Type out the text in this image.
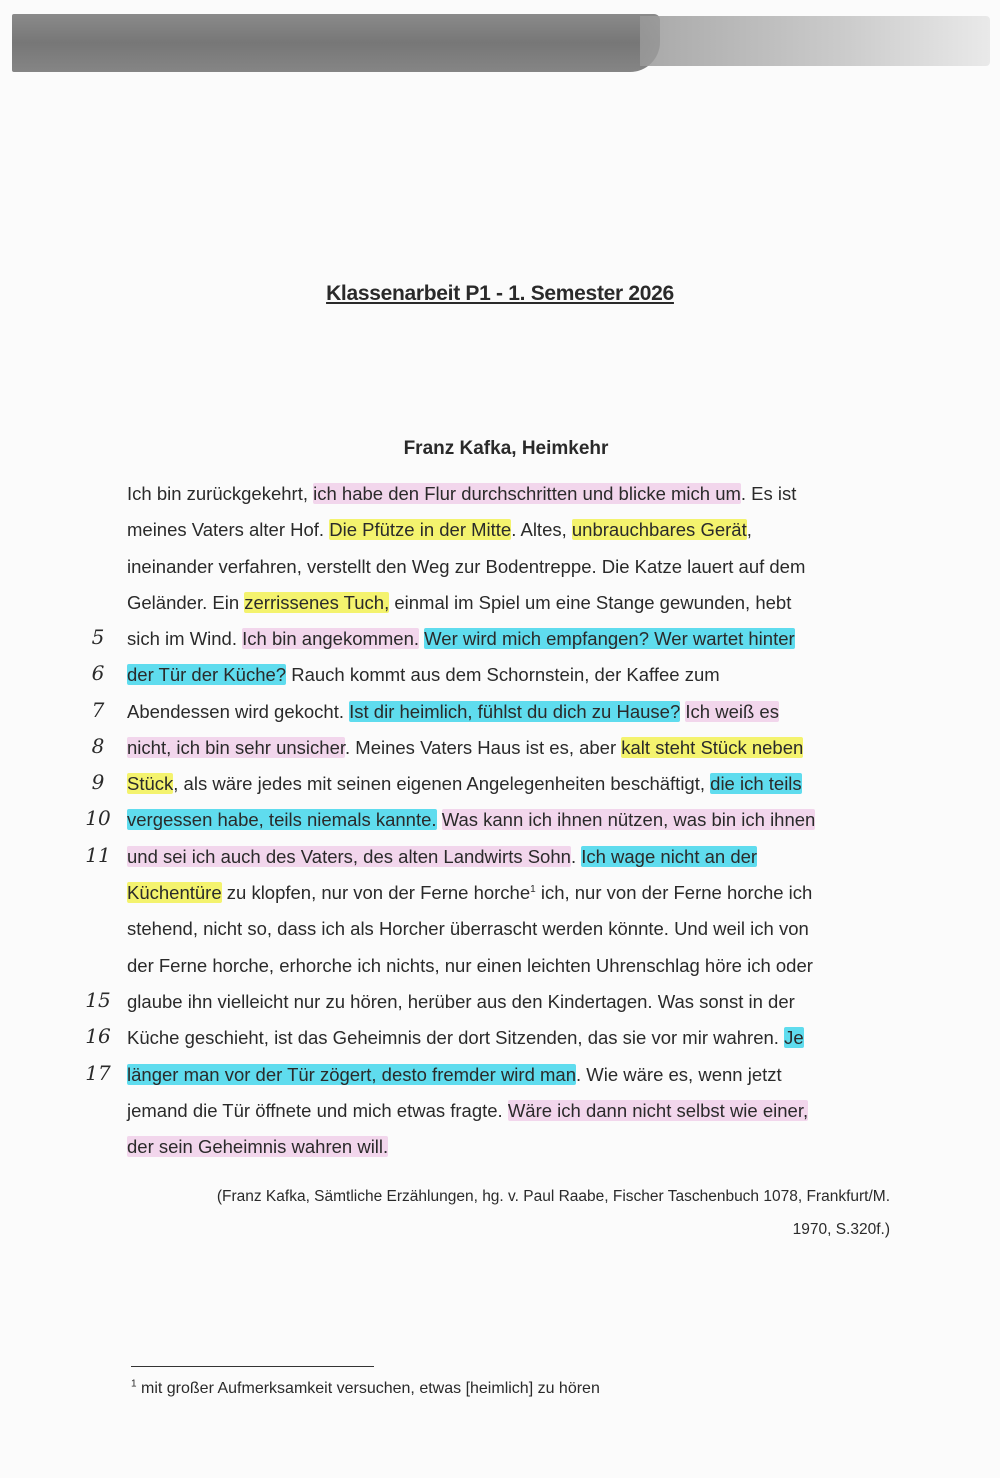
Klassenarbeit P1 - 1. Semester 2026
Franz Kafka, Heimkehr
Ich bin zurückgekehrt, ich habe den Flur durchschritten und blicke mich um. Es ist
meines Vaters alter Hof. Die Pfütze in der Mitte. Altes, unbrauchbares Gerät,
ineinander verfahren, verstellt den Weg zur Bodentreppe. Die Katze lauert auf dem
Geländer. Ein zerrissenes Tuch, einmal im Spiel um eine Stange gewunden, hebt
sich im Wind. Ich bin angekommen. Wer wird mich empfangen? Wer wartet hinter
der Tür der Küche? Rauch kommt aus dem Schornstein, der Kaffee zum
Abendessen wird gekocht. Ist dir heimlich, fühlst du dich zu Hause? Ich weiß es
nicht, ich bin sehr unsicher. Meines Vaters Haus ist es, aber kalt steht Stück neben
Stück, als wäre jedes mit seinen eigenen Angelegenheiten beschäftigt, die ich teils
vergessen habe, teils niemals kannte. Was kann ich ihnen nützen, was bin ich ihnen
und sei ich auch des Vaters, des alten Landwirts Sohn. Ich wage nicht an der
Küchentüre zu klopfen, nur von der Ferne horche$^1$ ich, nur von der Ferne horche ich
stehend, nicht so, dass ich als Horcher überrascht werden könnte. Und weil ich von
der Ferne horche, erhorche ich nichts, nur einen leichten Uhrenschlag höre ich oder
glaube ihn vielleicht nur zu hören, herüber aus den Kindertagen. Was sonst in der
Küche geschieht, ist das Geheimnis der dort Sitzenden, das sie vor mir wahren. Je
länger man vor der Tür zögert, desto fremder wird man. Wie wäre es, wenn jetzt
jemand die Tür öffnete und mich etwas fragte. Wäre ich dann nicht selbst wie einer,
der sein Geheimnis wahren will.
5
6
7
8
9
10
11
15
16
17
(Franz Kafka, Sämtliche Erzählungen, hg. v. Paul Raabe, Fischer Taschenbuch 1078, Frankfurt/M.
1970, S.320f.)
$^1$ mit großer Aufmerksamkeit versuchen, etwas [heimlich] zu hören
